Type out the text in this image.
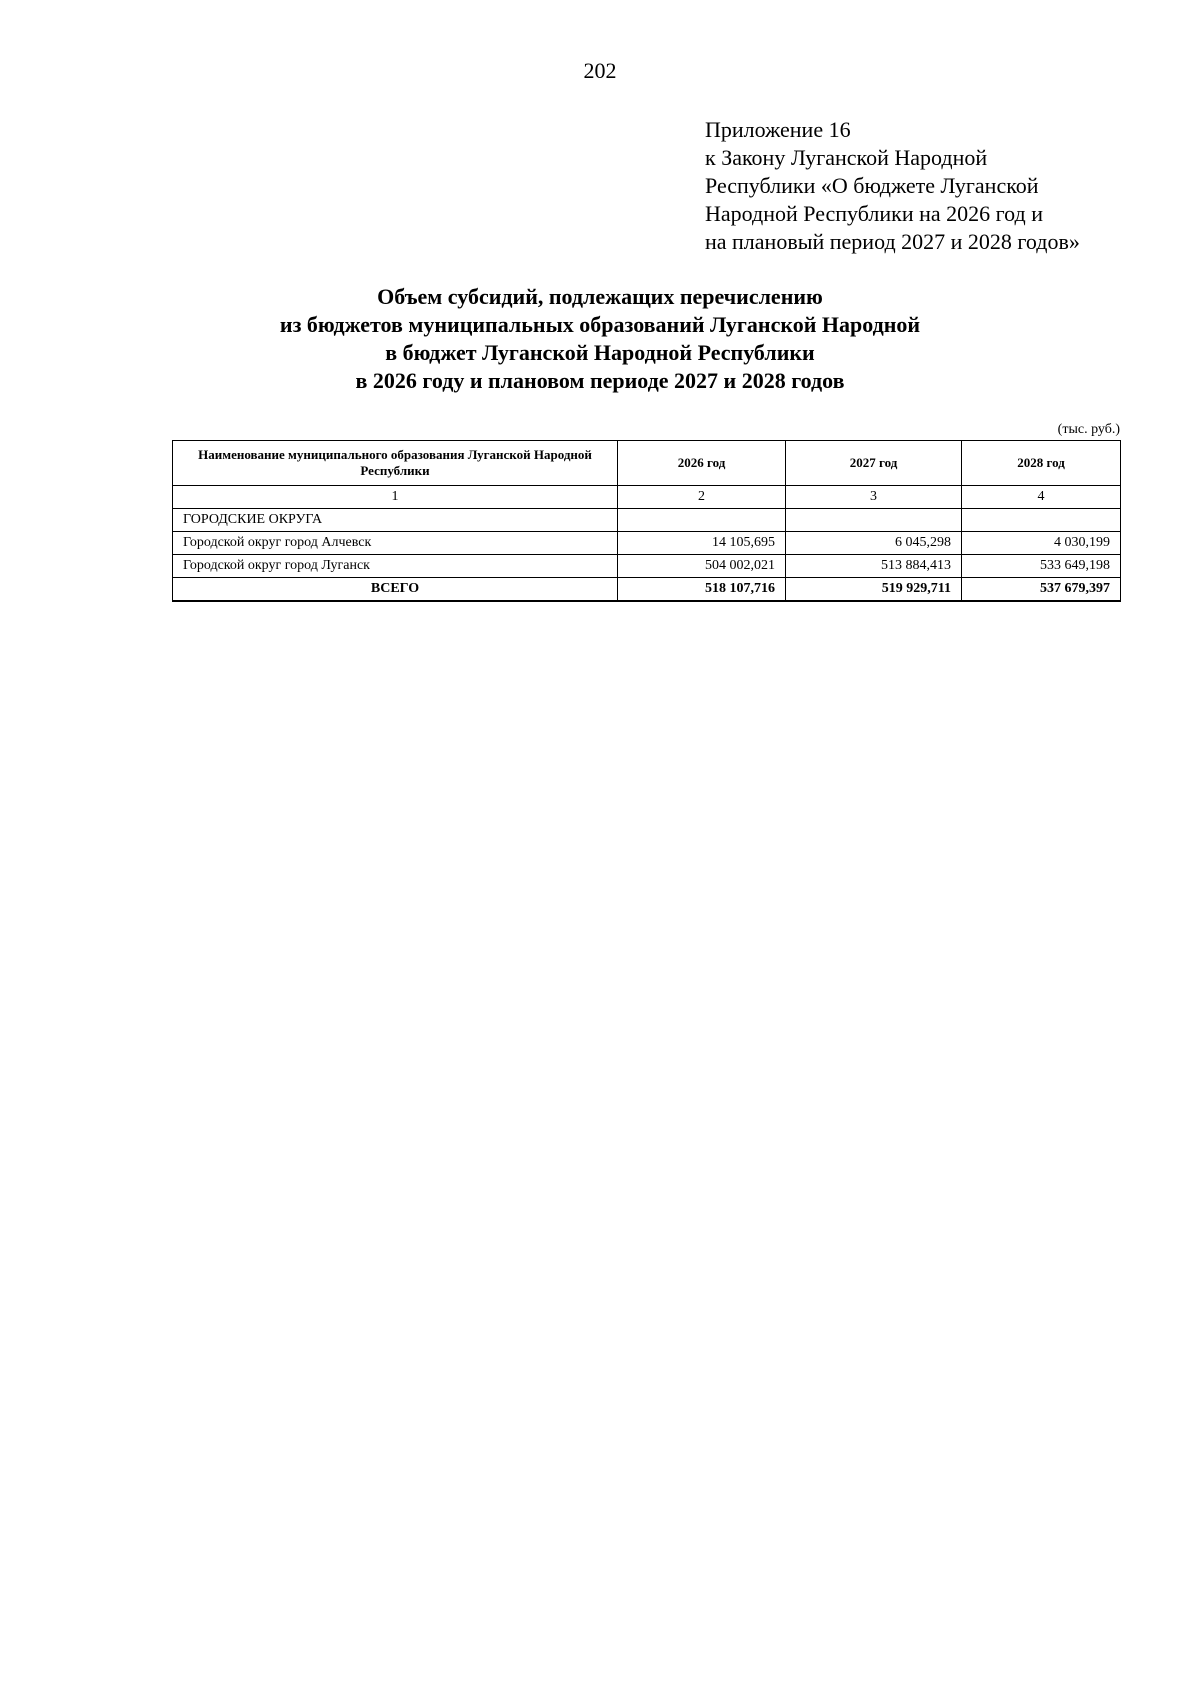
202
Приложение 16
к Закону Луганской Народной
Республики «О бюджете Луганской
Народной Республики на 2026 год и
на плановый период 2027 и 2028 годов»
Объем субсидий, подлежащих перечислению
из бюджетов муниципальных образований Луганской Народной
в бюджет Луганской Народной Республики
в 2026 году и плановом периоде 2027 и 2028 годов
(тыс. руб.)
Наименование муниципального образования Луганской Народной Республики	2026 год	2027 год	2028 год
1	2	3	4
ГОРОДСКИЕ ОКРУГА			
Городской округ город Алчевск	14 105,695	6 045,298	4 030,199
Городской округ город Луганск	504 002,021	513 884,413	533 649,198
ВСЕГО	518 107,716	519 929,711	537 679,397
